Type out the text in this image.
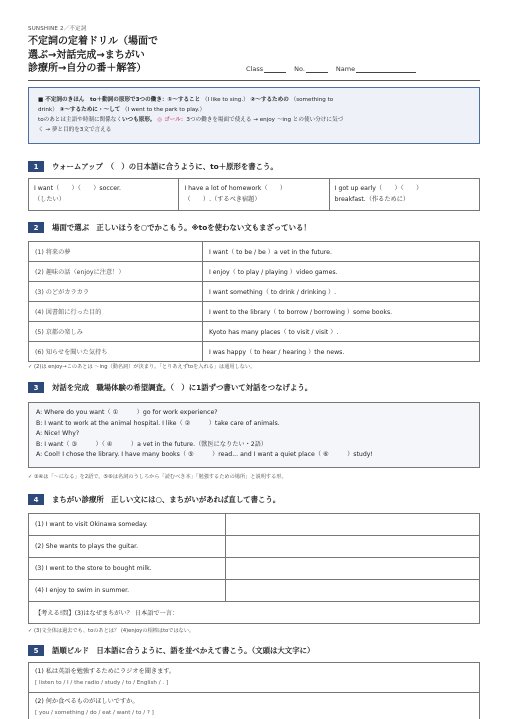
SUNSHINE 2／不定詞
不定詞の定着ドリル（場面で
選ぶ→対話完成→まちがい
診療所→自分の番＋解答）	Class	No.	Name
■ 不定詞のきほん　to＋動詞の原形で3つの働き：①〜すること （I like to sing.） ②〜するための （something to
drink） ③〜するために・〜して （I went to the park to play.）
toのあとは主語や時制に関係なくいつも原形。 ◎ ゴール：3つの働きを場面で使える → enjoy 〜ing との使い分けに気づ
く → 夢と目的を3文で言える
1	ウォームアップ　（　）の日本語に合うように、to＋原形を書こう。
I want（　　）（　　）soccer.
（したい）

I have a lot of homework（　　）
（　　）.（するべき宿題）

I got up early（　　）（　　）
breakfast.（作るために）
2	場面で選ぶ　正しいほうを○でかこもう。※toを使わない文もまざっている！
(1) 将来の夢	I want（ to be / be ）a vet in the future.
(2) 趣味の話（enjoyに注意！）	I enjoy（ to play / playing ）video games.
(3) のどがカラカラ	I want something（ to drink / drinking ）.
(4) 図書館に行った目的	I went to the library（ to borrow / borrowing ）some books.
(5) 京都の楽しみ	Kyoto has many places（ to visit / visit ）.
(6) 知らせを聞いた気持ち	I was happy（ to hear / hearing ）the news.
✓ (2)は enjoy→このあとは 〜ing（動名詞）が決まり。「とりあえずtoを入れる」は通用しない。
3	対話を完成　職場体験の希望調査。（　）に1語ずつ書いて対話をつなげよう。
A: Where do you want（ ①　　　）go for work experience?
B: I want to work at the animal hospital. I like（ ②　　　）take care of animals.
A: Nice! Why?
B: I want（ ③　　　）（ ④　　　）a vet in the future.（獣医になりたい・2語）
A: Cool! I chose the library. I have many books（ ⑤　　　）read... and I want a quiet place（ ⑥　　　）study!
✓ ③④は「〜になる」を2語で。⑤⑥は名詞のうしろから「読むべき本」「勉強するための場所」と説明する形。
4	まちがい診療所　正しい文には○、まちがいがあれば直して書こう。
(1) I want to visit Okinawa someday.	
(2) She wants to plays the guitar.	
(3) I went to the store to bought milk.	
(4) I enjoy to swim in summer.	
【考える!問】(3)はなぜまちがい？ 日本語で一言：	
✓ (3)文全体は過去でも、toのあとは？ (4)enjoyの相棒はtoではない。
5	語順ビルド　日本語に合うように、語を並べかえて書こう。（文頭は大文字に）
(1) 私は英語を勉強するためにラジオを聞きます。
[ listen to / I / the radio / study / to / English / . ]

(2) 何か食べるものがほしいですか。
[ you / something / do / eat / want / to / ? ]
